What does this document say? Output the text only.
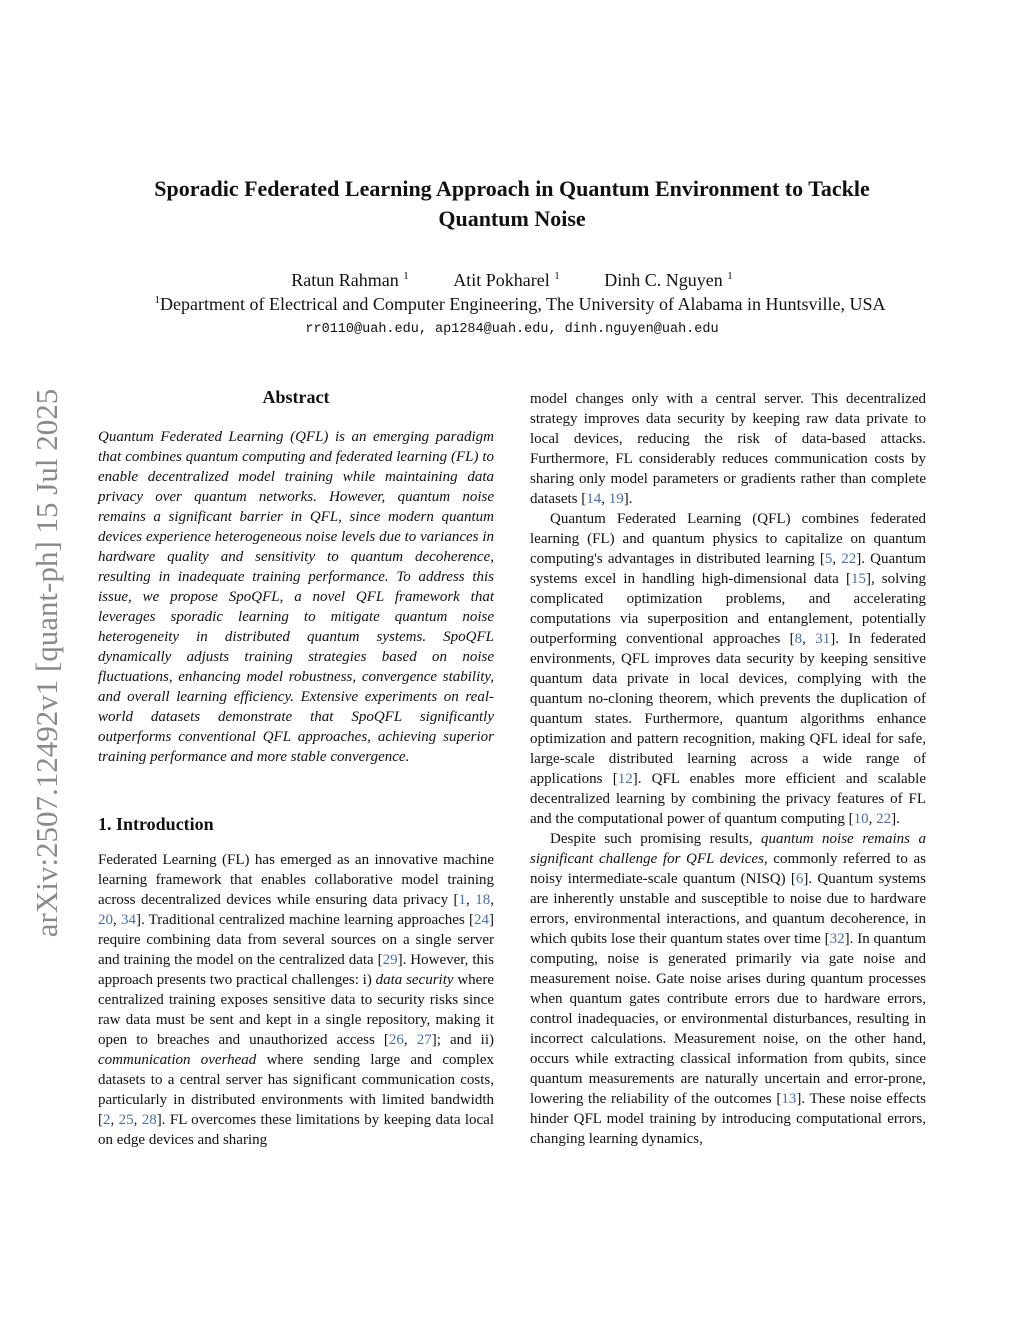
Sporadic Federated Learning Approach in Quantum Environment to Tackle Quantum Noise
Ratun Rahman $^1$ Atit Pokharel $^1$ Dinh C. Nguyen $^1$
$^1$Department of Electrical and Computer Engineering, The University of Alabama in Huntsville, USA
rr0110@uah.edu, ap1284@uah.edu, dinh.nguyen@uah.edu
arXiv:2507.12492v1 [quant-ph] 15 Jul 2025	Abstract

Quantum Federated Learning (QFL) is an emerging paradigm that combines quantum computing and federated learning (FL) to enable decentralized model training while maintaining data privacy over quantum networks. However, quantum noise remains a significant barrier in QFL, since modern quantum devices experience heterogeneous noise levels due to variances in hardware quality and sensitivity to quantum decoherence, resulting in inadequate training performance. To address this issue, we propose SpoQFL, a novel QFL framework that leverages sporadic learning to mitigate quantum noise heterogeneity in distributed quantum systems. SpoQFL dynamically adjusts training strategies based on noise fluctuations, enhancing model robustness, convergence stability, and overall learning efficiency. Extensive experiments on real-world datasets demonstrate that SpoQFL significantly outperforms conventional QFL approaches, achieving superior training performance and more stable convergence.

1. Introduction

Federated Learning (FL) has emerged as an innovative machine learning framework that enables collaborative model training across decentralized devices while ensuring data privacy [1, 18, 20, 34]. Traditional centralized machine learning approaches [24] require combining data from several sources on a single server and training the model on the centralized data [29]. However, this approach presents two practical challenges: i) data security where centralized training exposes sensitive data to security risks since raw data must be sent and kept in a single repository, making it open to breaches and unauthorized access [26, 27]; and ii) communication overhead where sending large and complex datasets to a central server has significant communication costs, particularly in distributed environments with limited bandwidth [2, 25, 28]. FL overcomes these limitations by keeping data local on edge devices and sharing

model changes only with a central server. This decentralized strategy improves data security by keeping raw data private to local devices, reducing the risk of data-based attacks. Furthermore, FL considerably reduces communication costs by sharing only model parameters or gradients rather than complete datasets [14, 19].

Quantum Federated Learning (QFL) combines federated learning (FL) and quantum physics to capitalize on quantum computing's advantages in distributed learning [5, 22]. Quantum systems excel in handling high-dimensional data [15], solving complicated optimization problems, and accelerating computations via superposition and entanglement, potentially outperforming conventional approaches [8, 31]. In federated environments, QFL improves data security by keeping sensitive quantum data private in local devices, complying with the quantum no-cloning theorem, which prevents the duplication of quantum states. Furthermore, quantum algorithms enhance optimization and pattern recognition, making QFL ideal for safe, large-scale distributed learning across a wide range of applications [12]. QFL enables more efficient and scalable decentralized learning by combining the privacy features of FL and the computational power of quantum computing [10, 22].

Despite such promising results, quantum noise remains a significant challenge for QFL devices, commonly referred to as noisy intermediate-scale quantum (NISQ) [6]. Quantum systems are inherently unstable and susceptible to noise due to hardware errors, environmental interactions, and quantum decoherence, in which qubits lose their quantum states over time [32]. In quantum computing, noise is generated primarily via gate noise and measurement noise. Gate noise arises during quantum processes when quantum gates contribute errors due to hardware errors, control inadequacies, or environmental disturbances, resulting in incorrect calculations. Measurement noise, on the other hand, occurs while extracting classical information from qubits, since quantum measurements are naturally uncertain and error-prone, lowering the reliability of the outcomes [13]. These noise effects hinder QFL model training by introducing computational errors, changing learning dynamics,
